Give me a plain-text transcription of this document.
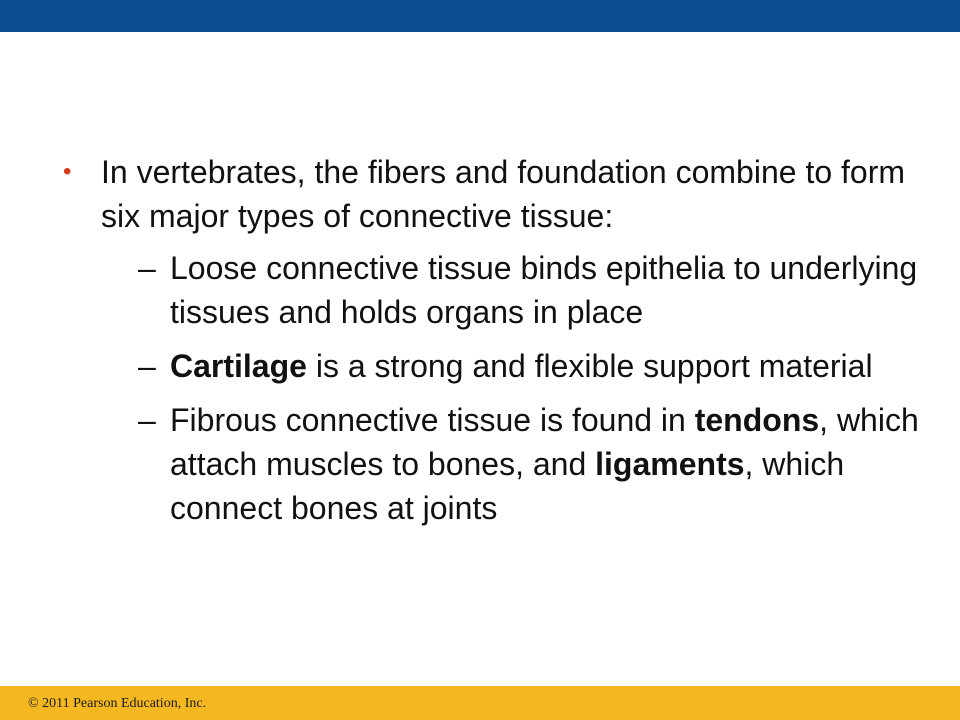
• In vertebrates, the fibers and foundation combine to form six major types of connective tissue:
– Loose connective tissue binds epithelia to underlying tissues and holds organs in place
– Cartilage is a strong and flexible support material
– Fibrous connective tissue is found in tendons, which attach muscles to bones, and ligaments, which connect bones at joints
© 2011 Pearson Education, Inc.
